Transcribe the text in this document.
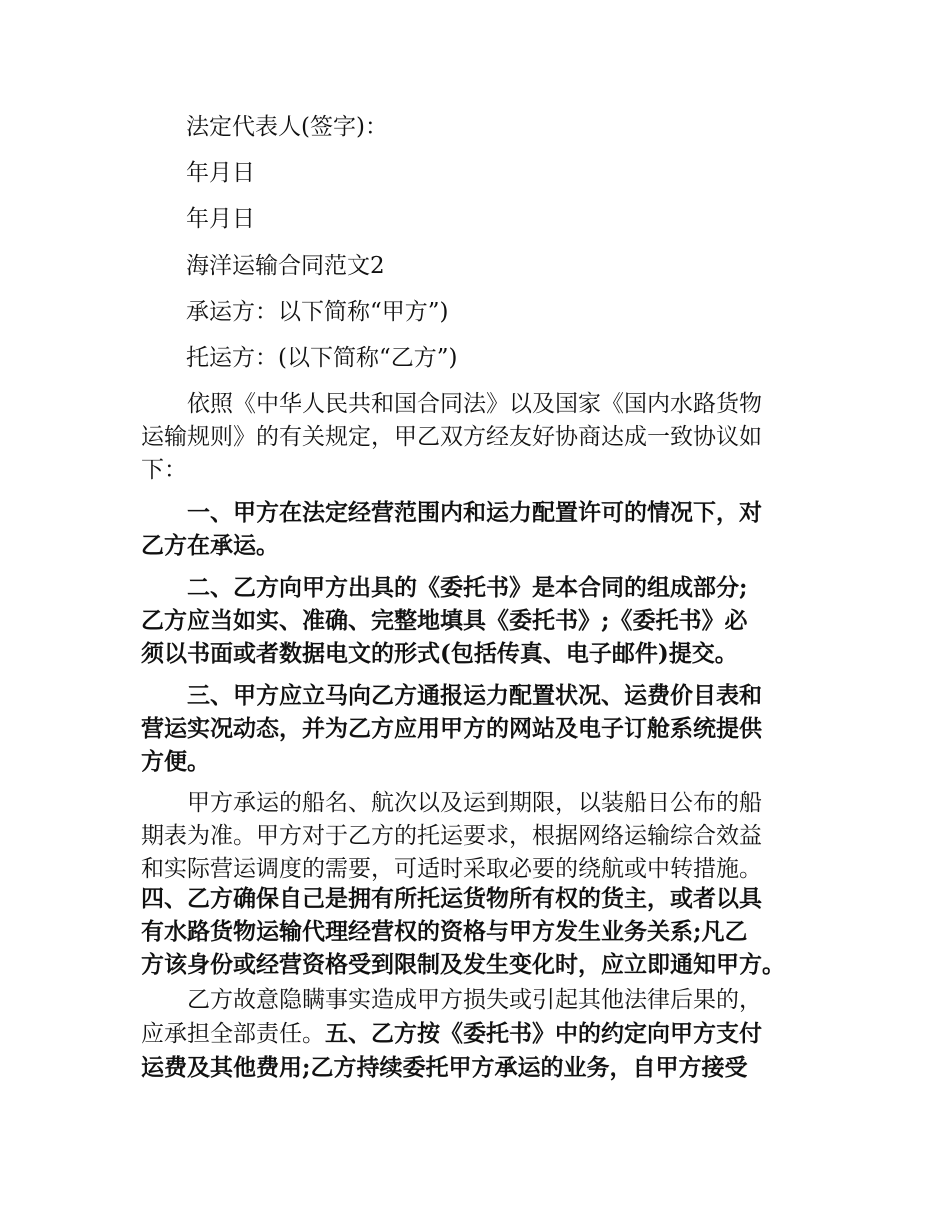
法定代表人(签字)：

年月日

年月日

海洋运输合同范文2

承运方：以下简称“甲方”)

托运方：(以下简称“乙方”)

依照《中华人民共和国合同法》以及国家《国内水路货物
运输规则》的有关规定，甲乙双方经友好协商达成一致协议如
下：
一、甲方在法定经营范围内和运力配置许可的情况下，对
乙方在承运。
二、乙方向甲方出具的《委托书》是本合同的组成部分;
乙方应当如实、准确、完整地填具《委托书》;《委托书》必
须以书面或者数据电文的形式(包括传真、电子邮件)提交。
三、甲方应立马向乙方通报运力配置状况、运费价目表和
营运实况动态，并为乙方应用甲方的网站及电子订舱系统提供
方便。
甲方承运的船名、航次以及运到期限，以装船日公布的船
期表为准。甲方对于乙方的托运要求，根据网络运输综合效益
和实际营运调度的需要，可适时采取必要的绕航或中转措施。
四、乙方确保自己是拥有所托运货物所有权的货主，或者以具
有水路货物运输代理经营权的资格与甲方发生业务关系;凡乙
方该身份或经营资格受到限制及发生变化时，应立即通知甲方。
乙方故意隐瞒事实造成甲方损失或引起其他法律后果的，
应承担全部责任。五、乙方按《委托书》中的约定向甲方支付
运费及其他费用;乙方持续委托甲方承运的业务，自甲方接受
